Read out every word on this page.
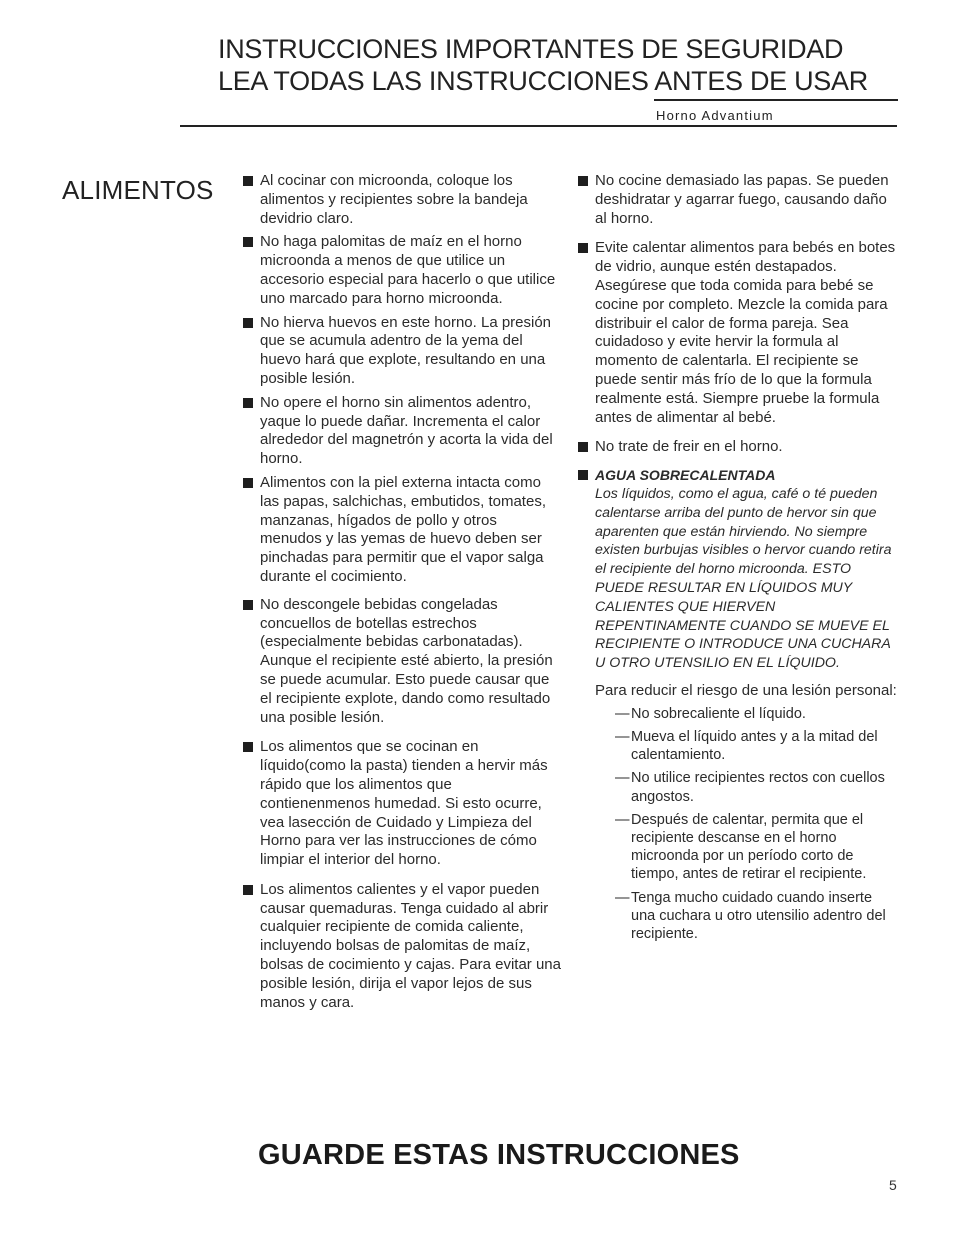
INSTRUCCIONES IMPORTANTES DE SEGURIDAD
LEA TODAS LAS INSTRUCCIONES ANTES DE USAR
Horno Advantium
ALIMENTOS	Al cocinar con microonda, coloque los alimentos y recipientes sobre la bandeja devidrio claro.
No haga palomitas de maíz en el horno microonda a menos de que utilice un accesorio especial para hacerlo o que utilice uno marcado para horno microonda.
No hierva huevos en este horno. La presión que se acumula adentro de la yema del huevo hará que explote, resultando en una posible lesión.
No opere el horno sin alimentos adentro, yaque lo puede dañar. Incrementa el calor alrededor del magnetrón y acorta la vida del horno.
Alimentos con la piel externa intacta como las papas, salchichas, embutidos, tomates, manzanas, hígados de pollo y otros menudos y las yemas de huevo deben ser pinchadas para permitir que el vapor salga durante el cocimiento.
No descongele bebidas congeladas concuellos de botellas estrechos (especialmente bebidas carbonatadas). Aunque el recipiente esté abierto, la presión se puede acumular. Esto puede causar que el recipiente explote, dando como resultado una posible lesión.
Los alimentos que se cocinan en líquido(como la pasta) tienden a hervir más rápido que los alimentos que contienenmenos humedad. Si esto ocurre, vea lasección de Cuidado y Limpieza del Horno para ver las instrucciones de cómo limpiar el interior del horno.
Los alimentos calientes y el vapor pueden causar quemaduras. Tenga cuidado al abrir cualquier recipiente de comida caliente, incluyendo bolsas de palomitas de maíz, bolsas de cocimiento y cajas. Para evitar una posible lesión, dirija el vapor lejos de sus manos y cara.
No cocine demasiado las papas. Se pueden deshidratar y agarrar fuego, causando daño al horno.
Evite calentar alimentos para bebés en botes de vidrio, aunque estén destapados. Asegúrese que toda comida para bebé se cocine por completo. Mezcle la comida para distribuir el calor de forma pareja. Sea cuidadoso y evite hervir la formula al momento de calentarla. El recipiente se puede sentir más frío de lo que la formula realmente está. Siempre pruebe la formula antes de alimentar al bebé.
No trate de freir en el horno.
AGUA SOBRECALENTADA
Los líquidos, como el agua, café o té pueden calentarse arriba del punto de hervor sin que aparenten que están hirviendo. No siempre existen burbujas visibles o hervor cuando retira el recipiente del horno microonda. ESTO PUEDE RESULTAR EN LÍQUIDOS MUY CALIENTES QUE HIERVEN REPENTINAMENTE CUANDO SE MUEVE EL RECIPIENTE O INTRODUCE UNA CUCHARA U OTRO UTENSILIO EN EL LÍQUIDO.
Para reducir el riesgo de una lesión personal:
— No sobrecaliente el líquido.
— Mueva el líquido antes y a la mitad del calentamiento.
— No utilice recipientes rectos con cuellos angostos.
— Después de calentar, permita que el recipiente descanse en el horno microonda por un período corto de tiempo, antes de retirar el recipiente.
— Tenga mucho cuidado cuando inserte una cuchara u otro utensilio adentro del recipiente.
GUARDE ESTAS INSTRUCCIONES
5
